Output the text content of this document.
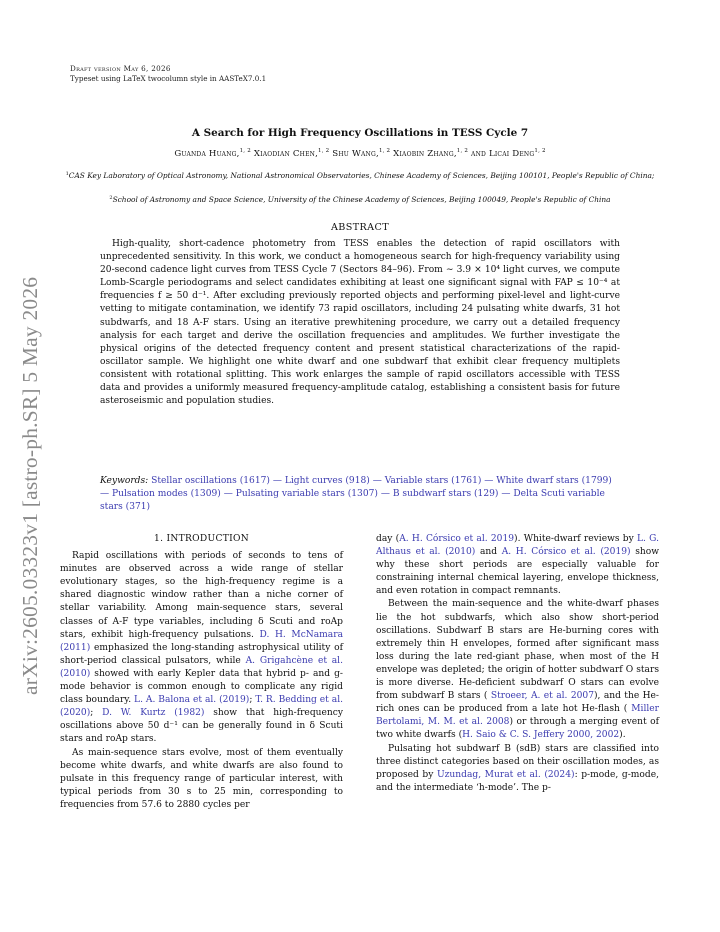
Draft version May 6, 2026
Typeset using LaTeX twocolumn style in AASTeX7.0.1
arXiv:2605.03323v1 [astro-ph.SR] 5 May 2026
A Search for High Frequency Oscillations in TESS Cycle 7
Guanda Huang,$^{1, 2}$ Xiaodian Chen,$^{1, 2}$ Shu Wang,$^{1, 2}$ Xiaobin Zhang,$^{1, 2}$ and Licai Deng$^{1, 2}$
$^1$CAS Key Laboratory of Optical Astronomy, National Astronomical Observatories, Chinese Academy of Sciences, Beijing 100101, People's Republic of China;
$^2$School of Astronomy and Space Science, University of the Chinese Academy of Sciences, Beijing 100049, People's Republic of China
ABSTRACT

High-quality, short-cadence photometry from TESS enables the detection of rapid oscillators with unprecedented sensitivity. In this work, we conduct a homogeneous search for high-frequency variability using 20-second cadence light curves from TESS Cycle 7 (Sectors 84–96). From ∼ 3.9 × 10⁴ light curves, we compute Lomb-Scargle periodograms and select candidates exhibiting at least one significant signal with FAP ≤ 10⁻⁴ at frequencies f ≥ 50 d⁻¹. After excluding previously reported objects and performing pixel-level and light-curve vetting to mitigate contamination, we identify 73 rapid oscillators, including 24 pulsating white dwarfs, 31 hot subdwarfs, and 18 A-F stars. Using an iterative prewhitening procedure, we carry out a detailed frequency analysis for each target and derive the oscillation frequencies and amplitudes. We further investigate the physical origins of the detected frequency content and present statistical characterizations of the rapid-oscillator sample. We highlight one white dwarf and one subdwarf that exhibit clear frequency multiplets consistent with rotational splitting. This work enlarges the sample of rapid oscillators accessible with TESS data and provides a uniformly measured frequency-amplitude catalog, establishing a consistent basis for future asteroseismic and population studies.

Keywords: Stellar oscillations (1617) — Light curves (918) — Variable stars (1761) — White dwarf stars (1799) — Pulsation modes (1309) — Pulsating variable stars (1307) — B subdwarf stars (129) — Delta Scuti variable stars (371)
1. INTRODUCTION

Rapid oscillations with periods of seconds to tens of minutes are observed across a wide range of stellar evolutionary stages, so the high-frequency regime is a shared diagnostic window rather than a niche corner of stellar variability. Among main-sequence stars, several classes of A-F type variables, including δ Scuti and roAp stars, exhibit high-frequency pulsations. D. H. McNamara (2011) emphasized the long-standing astrophysical utility of short-period classical pulsators, while A. Grigahcène et al. (2010) showed with early Kepler data that hybrid p- and g-mode behavior is common enough to complicate any rigid class boundary. L. A. Balona et al. (2019); T. R. Bedding et al. (2020); D. W. Kurtz (1982) show that high-frequency oscillations above 50 d⁻¹ can be generally found in δ Scuti stars and roAp stars.

As main-sequence stars evolve, most of them eventually become white dwarfs, and white dwarfs are also found to pulsate in this frequency range of particular interest, with typical periods from 30 s to 25 min, corresponding to frequencies from 57.6 to 2880 cycles per

day (A. H. Córsico et al. 2019). White-dwarf reviews by L. G. Althaus et al. (2010) and A. H. Córsico et al. (2019) show why these short periods are especially valuable for constraining internal chemical layering, envelope thickness, and even rotation in compact remnants.

Between the main-sequence and the white-dwarf phases lie the hot subdwarfs, which also show short-period oscillations. Subdwarf B stars are He-burning cores with extremely thin H envelopes, formed after significant mass loss during the late red-giant phase, when most of the H envelope was depleted; the origin of hotter subdwarf O stars is more diverse. He-deficient subdwarf O stars can evolve from subdwarf B stars ( Stroeer, A. et al. 2007), and the He-rich ones can be produced from a late hot He-flash ( Miller Bertolami, M. M. et al. 2008) or through a merging event of two white dwarfs (H. Saio & C. S. Jeffery 2000, 2002).

Pulsating hot subdwarf B (sdB) stars are classified into three distinct categories based on their oscillation modes, as proposed by Uzundag, Murat et al. (2024): p-mode, g-mode, and the intermediate ‘h-mode’. The p-
